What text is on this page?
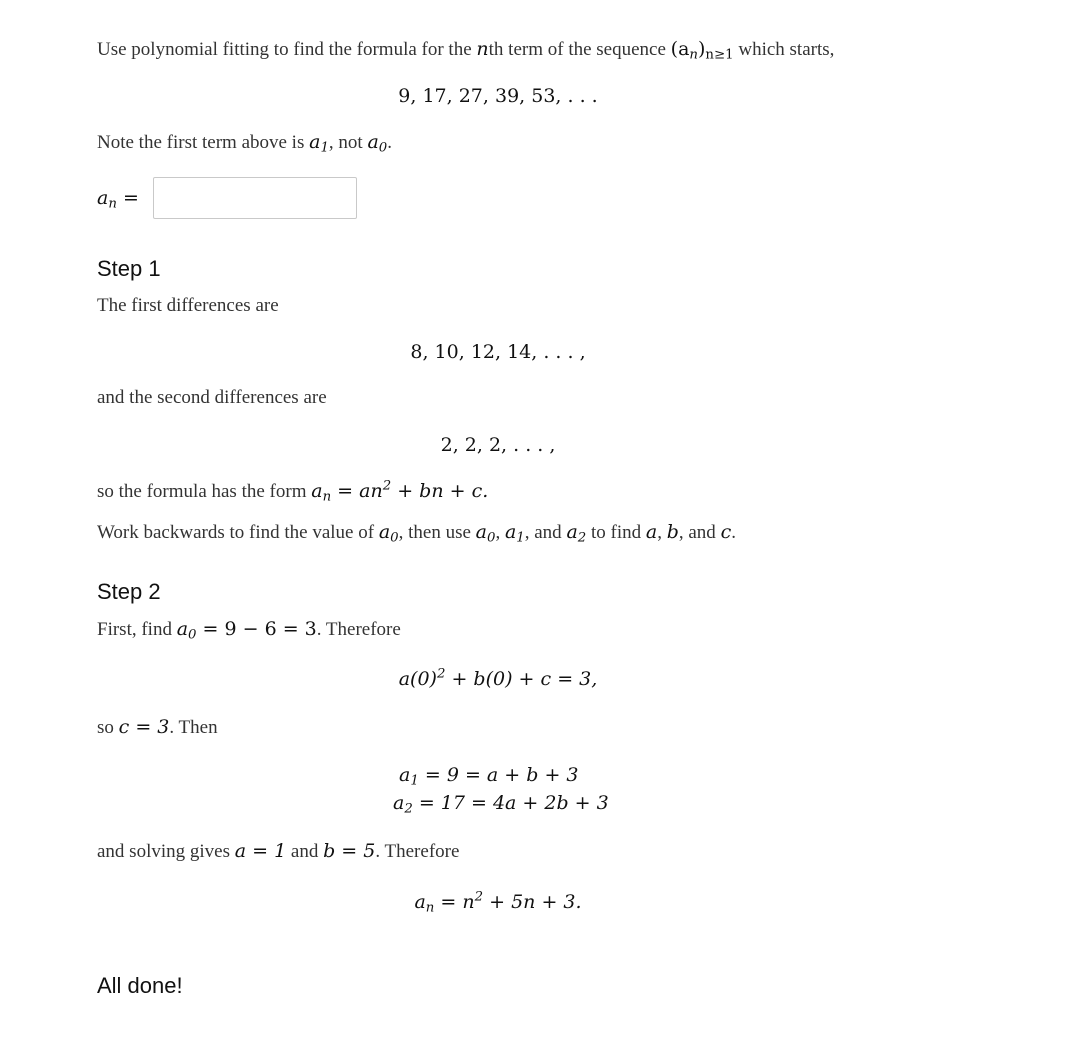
Use polynomial fitting to find the formula for the nth term of the sequence $(a_n)_{n\ge 1}$ which starts,
9, 17, 27, 39, 53, . . .
Note the first term above is $a_1$, not $a_0$.
$a_n$ =
Step 1
The first differences are
8, 10, 12, 14, . . . ,
and the second differences are
2, 2, 2, . . . ,
so the formula has the form $a_n = an^2$ + bn + c.
Work backwards to find the value of $a_0$, then use $a_0$, $a_1$, and $a_2$ to find a, b, and c.
Step 2
First, find $a_0 = 9 - 6 = 3$. Therefore
$a(0)^2 + b(0) + c = 3$,
so c = 3. Then
$a_1 = 9 = a + b + 3$
$a_2 = 17 = 4a + 2b + 3$
and solving gives a = 1 and b = 5. Therefore
$a_n = n^2 + 5n + 3$.
All done!
